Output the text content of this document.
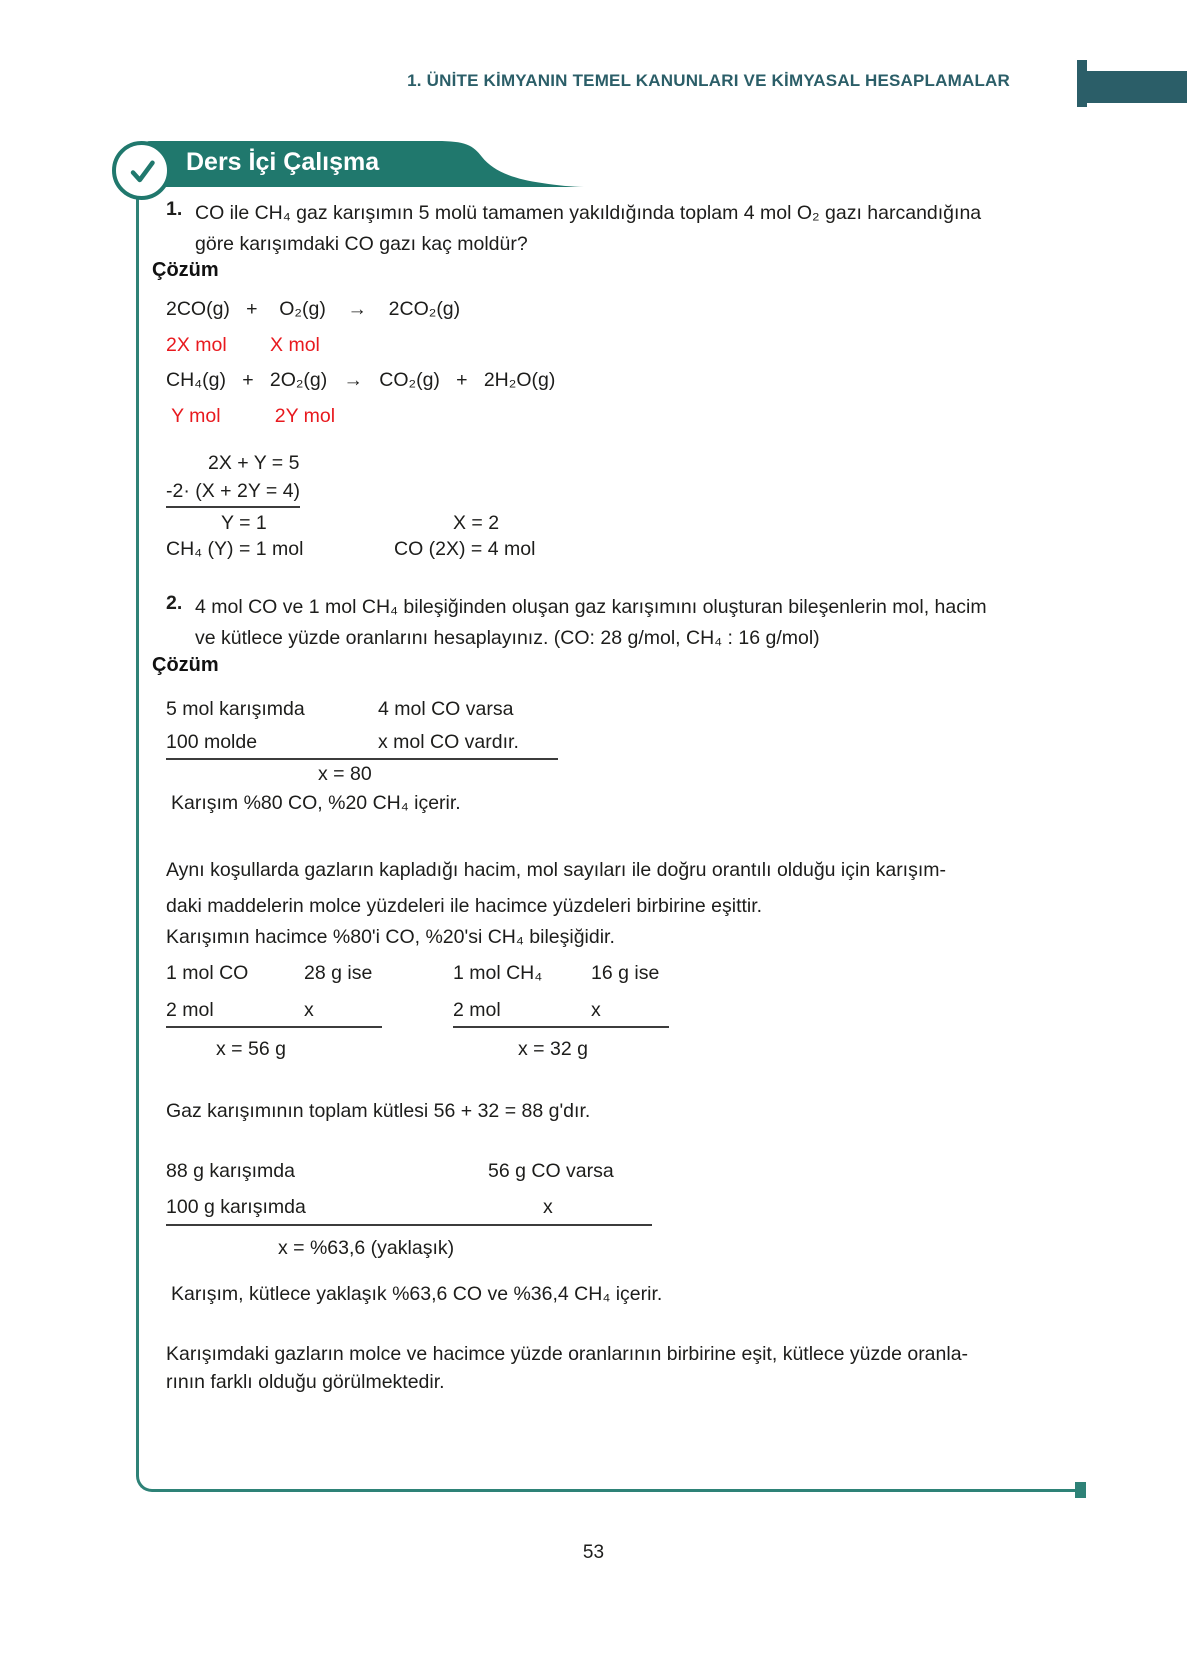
1. ÜNİTE KİMYANIN TEMEL KANUNLARI VE KİMYASAL HESAPLAMALAR
Ders İçi Çalışma
1. CO ile CH₄ gaz karışımın 5 molü tamamen yakıldığında toplam 4 mol O₂ gazı harcandığına
göre karışımdaki CO gazı kaç moldür?
Çözüm
2CO(g)   +    O₂(g)    →    2CO₂(g)
2X mol        X mol
CH₄(g)   +   2O₂(g)   →   CO₂(g)   +   2H₂O(g)
Y mol          2Y mol
2X + Y = 5
-2· (X + 2Y = 4)
Y = 1	X = 2
CH₄ (Y) = 1 mol	CO (2X) = 4 mol
2. 4 mol CO ve 1 mol CH₄ bileşiğinden oluşan gaz karışımını oluşturan bileşenlerin mol, hacim
ve kütlece yüzde oranlarını hesaplayınız. (CO: 28 g/mol, CH₄ : 16 g/mol)
Çözüm
5 mol karışımda	4 mol CO varsa
100 molde	x mol CO vardır.
x = 80
Karışım %80 CO, %20 CH₄ içerir.
Aynı koşullarda gazların kapladığı hacim, mol sayıları ile doğru orantılı olduğu için karışım-
daki maddelerin molce yüzdeleri ile hacimce yüzdeleri birbirine eşittir.
Karışımın hacimce %80'i CO, %20'si CH₄ bileşiğidir.
1 mol CO	28 g ise
2 mol	x
1 mol CH₄	16 g ise
2 mol	x
x = 56 g	x = 32 g
Gaz karışımının toplam kütlesi 56 + 32 = 88 g'dır.
88 g karışımda	56 g CO varsa
100 g karışımda	x
x = %63,6 (yaklaşık)
Karışım, kütlece yaklaşık %63,6 CO ve %36,4 CH₄ içerir.
Karışımdaki gazların molce ve hacimce yüzde oranlarının birbirine eşit, kütlece yüzde oranla-
rının farklı olduğu görülmektedir.
53
